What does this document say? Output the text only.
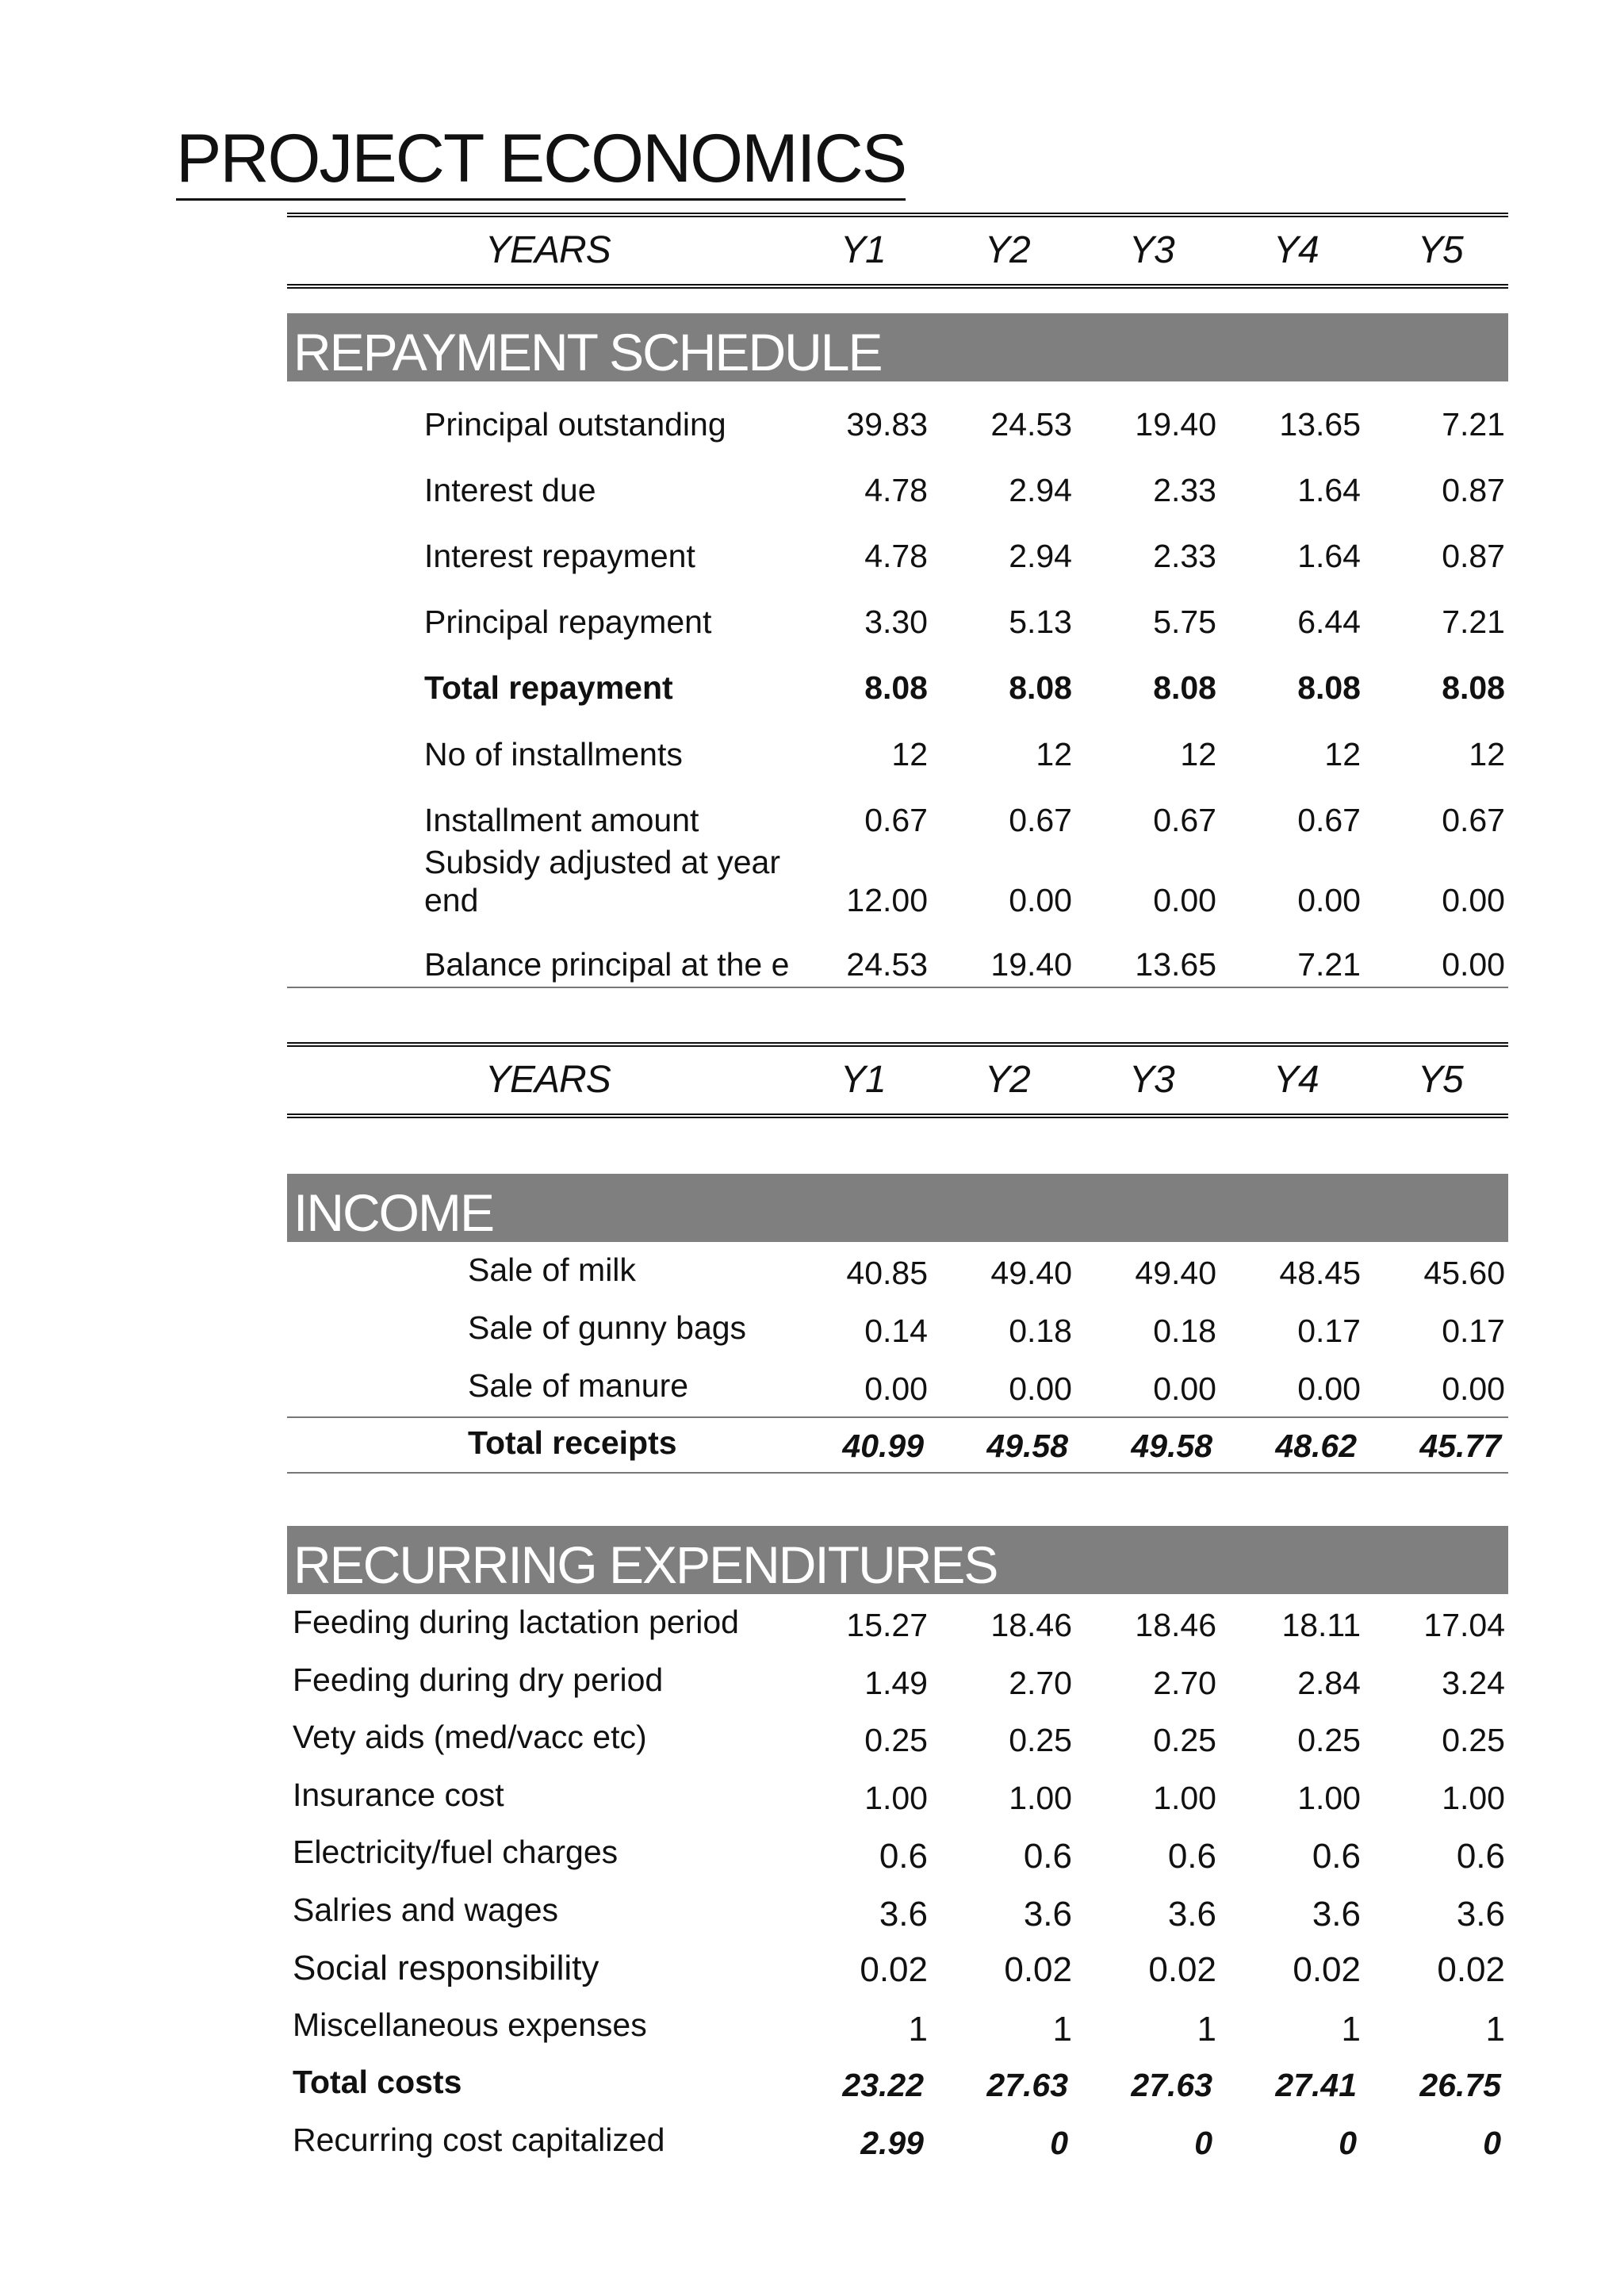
PROJECT ECONOMICS
YEARS	Y1	Y2	Y3	Y4	Y5
REPAYMENT SCHEDULE
Principal outstanding	39.83	24.53	19.40	13.65	7.21
Interest due	4.78	2.94	2.33	1.64	0.87
Interest repayment	4.78	2.94	2.33	1.64	0.87
Principal repayment	3.30	5.13	5.75	6.44	7.21
Total repayment	8.08	8.08	8.08	8.08	8.08
No of installments	12	12	12	12	12
Installment amount	0.67	0.67	0.67	0.67	0.67
Subsidy adjusted at year
end	12.00	0.00	0.00	0.00	0.00
Balance principal at the e	24.53	19.40	13.65	7.21	0.00
YEARS	Y1	Y2	Y3	Y4	Y5
INCOME
Sale of milk	40.85	49.40	49.40	48.45	45.60
Sale of gunny bags	0.14	0.18	0.18	0.17	0.17
Sale of manure	0.00	0.00	0.00	0.00	0.00
Total receipts	40.99	49.58	49.58	48.62	45.77
RECURRING EXPENDITURES
Feeding during lactation period	15.27	18.46	18.46	18.11	17.04
Feeding during dry period	1.49	2.70	2.70	2.84	3.24
Vety aids (med/vacc etc)	0.25	0.25	0.25	0.25	0.25
Insurance cost	1.00	1.00	1.00	1.00	1.00
Electricity/fuel charges	0.6	0.6	0.6	0.6	0.6
Salries and wages	3.6	3.6	3.6	3.6	3.6
Social responsibility	0.02	0.02	0.02	0.02	0.02
Miscellaneous expenses	1	1	1	1	1
Total costs	23.22	27.63	27.63	27.41	26.75
Recurring cost capitalized	2.99	0	0	0	0
